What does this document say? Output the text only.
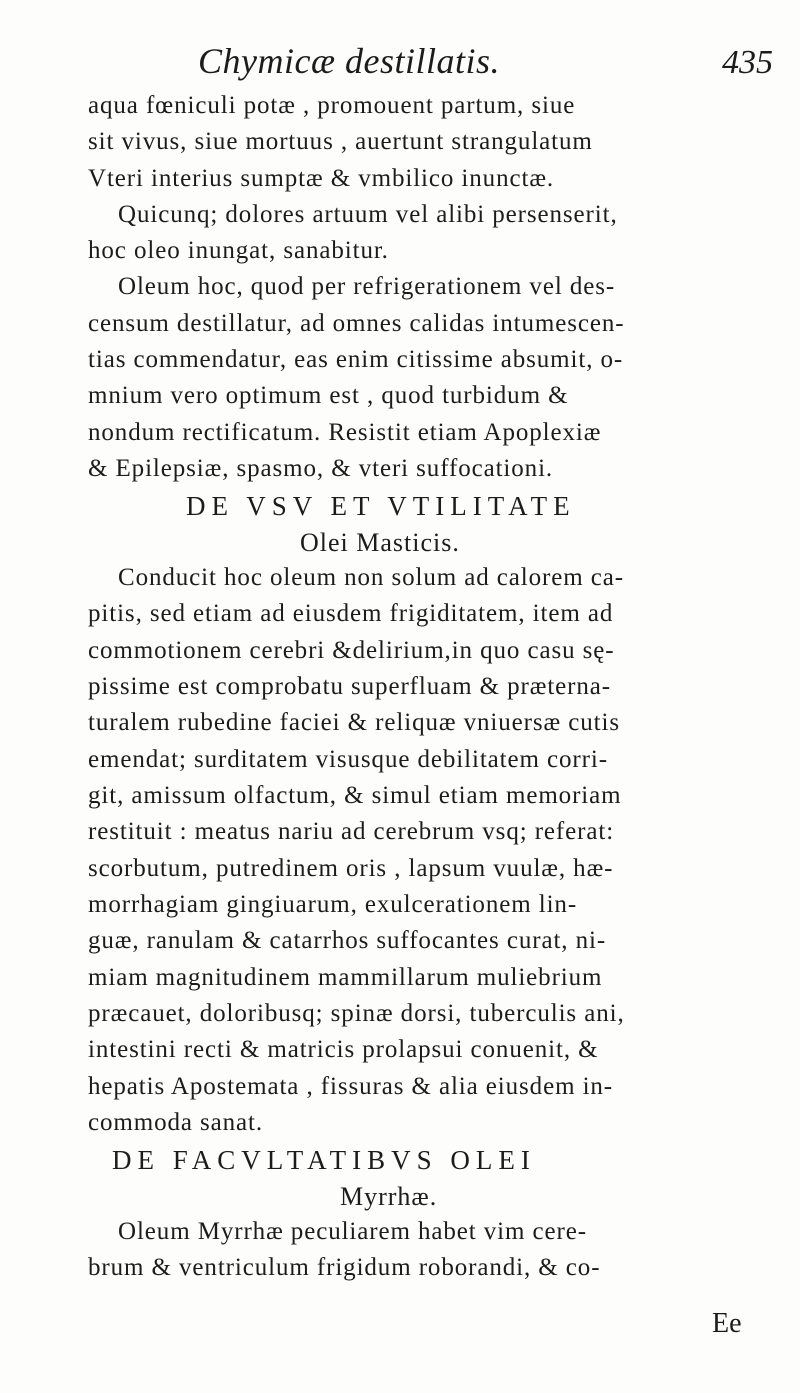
Chymicæ destillatis.	435
aqua fœniculi potæ , promouent partum, siue
sit vivus, siue mortuus , auertunt strangulatum
Vteri interius sumptæ & vmbilico inunctæ.
Quicunq; dolores artuum vel alibi persenserit,
hoc oleo inungat, sanabitur.
Oleum hoc, quod per refrigerationem vel des-
censum destillatur, ad omnes calidas intumescen-
tias commendatur, eas enim citissime absumit, o-
mnium vero optimum est , quod turbidum &
nondum rectificatum. Resistit etiam Apoplexiæ
& Epilepsiæ, spasmo, & vteri suffocationi.
DE VSV ET VTILITATE
Olei Masticis.
Conducit hoc oleum non solum ad calorem ca-
pitis, sed etiam ad eiusdem frigiditatem, item ad
commotionem cerebri &delirium,in quo casu sę-
pissime est comprobatu superfluam & præterna-
turalem rubedine faciei & reliquæ vniuersæ cutis
emendat; surditatem visusque debilitatem corri-
git, amissum olfactum, & simul etiam memoriam
restituit : meatus nariu ad cerebrum vsq; referat:
scorbutum, putredinem oris , lapsum vuulæ, hæ-
morrhagiam gingiuarum, exulcerationem lin-
guæ, ranulam & catarrhos suffocantes curat, ni-
miam magnitudinem mammillarum muliebrium
præcauet, doloribusq; spinæ dorsi, tuberculis ani,
intestini recti & matricis prolapsui conuenit, &
hepatis Apostemata , fissuras & alia eiusdem in-
commoda sanat.
DE FACVLTATIBVS OLEI
Myrrhæ.
Oleum Myrrhæ peculiarem habet vim cere-
brum & ventriculum frigidum roborandi, & co-
Ee
